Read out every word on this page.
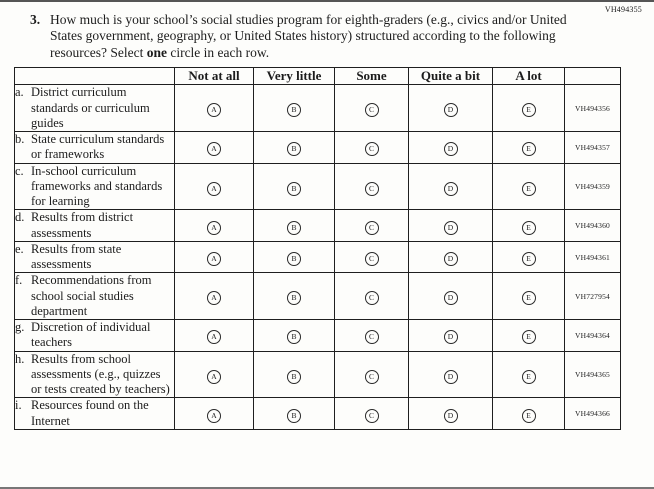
VH494355
3. How much is your school’s social studies program for eighth-graders (e.g., civics and/or United States government, geography, or United States history) structured according to the following resources? Select one circle in each row.
	Not at all	Very little	Some	Quite a bit	A lot	

a. District curriculum standards or curriculum guides	A	B	C	D	E	VH494356

b. State curriculum standards or frameworks	A	B	C	D	E	VH494357

c. In-school curriculum frameworks and standards for learning	A	B	C	D	E	VH494359

d. Results from district assessments	A	B	C	D	E	VH494360

e. Results from state assessments	A	B	C	D	E	VH494361

f. Recommendations from school social studies department	A	B	C	D	E	VH727954

g. Discretion of individual teachers	A	B	C	D	E	VH494364

h. Results from school assessments (e.g., quizzes or tests created by teachers)	A	B	C	D	E	VH494365

i. Resources found on the Internet	A	B	C	D	E	VH494366
